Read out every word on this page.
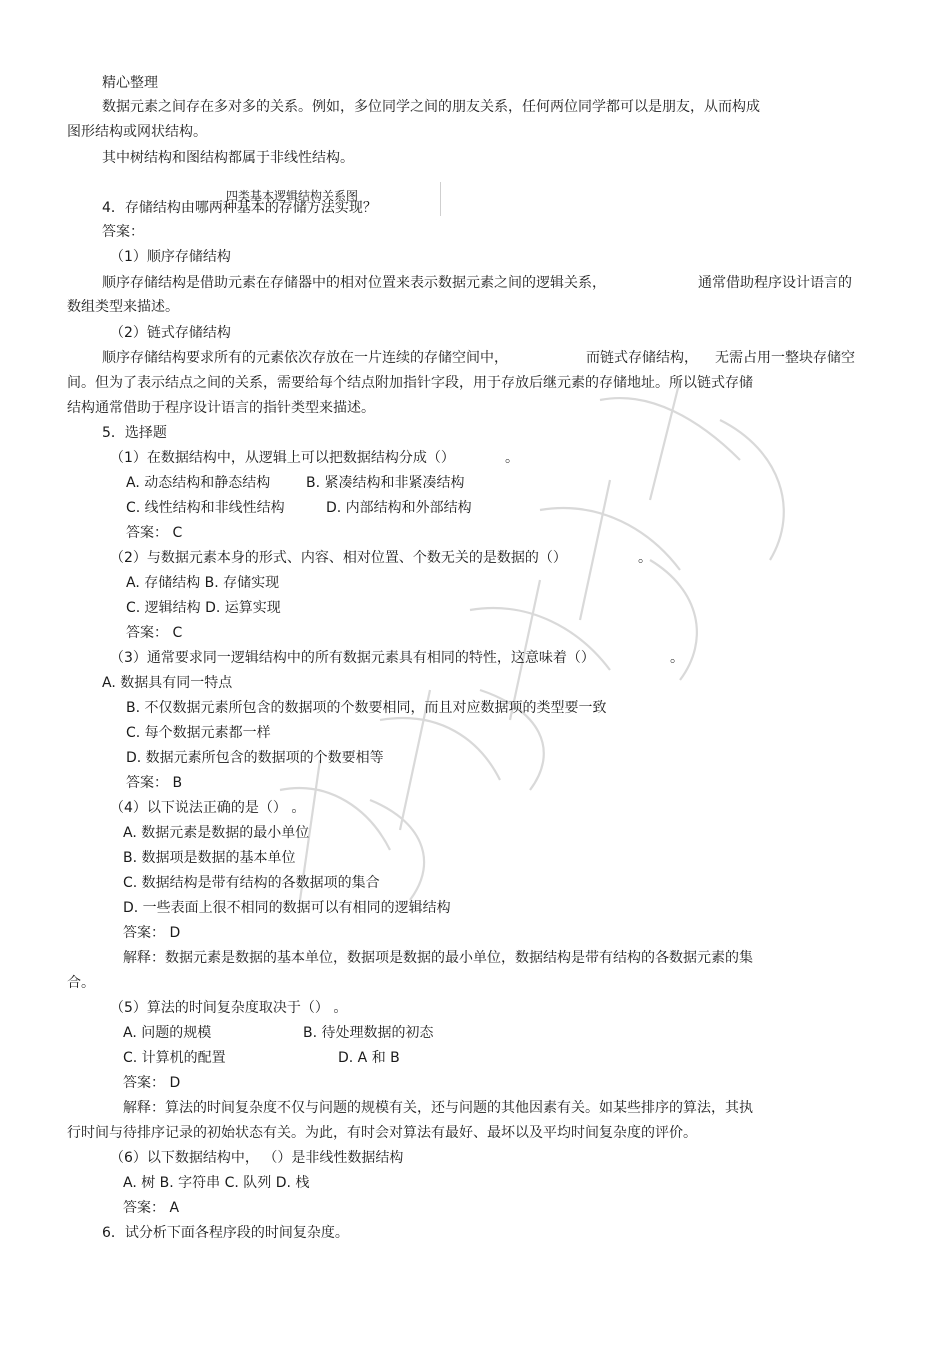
精心整理
数据元素之间存在多对多的关系。例如，多位同学之间的朋友关系，任何两位同学都可以是朋友，从而构成
图形结构或网状结构。
其中树结构和图结构都属于非线性结构。
四类基本逻辑结构关系图
4．存储结构由哪两种基本的存储方法实现？
答案：
（1）顺序存储结构
顺序存储结构是借助元素在存储器中的相对位置来表示数据元素之间的逻辑关系，	通常借助程序设计语言的
数组类型来描述。
（2）链式存储结构
顺序存储结构要求所有的元素依次存放在一片连续的存储空间中，	而链式存储结构， 无需占用一整块存储空
间。但为了表示结点之间的关系，需要给每个结点附加指针字段，用于存放后继元素的存储地址。所以链式存储
结构通常借助于程序设计语言的指针类型来描述。
5．选择题
（1）在数据结构中，从逻辑上可以把数据结构分成（）	。
A. 动态结构和静态结构	B. 紧凑结构和非紧凑结构
C. 线性结构和非线性结构	D. 内部结构和外部结构
答案： C
（2）与数据元素本身的形式、内容、相对位置、个数无关的是数据的（）	。
A. 存储结构 B. 存储实现
C. 逻辑结构 D. 运算实现
答案： C
（3）通常要求同一逻辑结构中的所有数据元素具有相同的特性，这意味着（）	。
A. 数据具有同一特点
B. 不仅数据元素所包含的数据项的个数要相同，而且对应数据项的类型要一致
C. 每个数据元素都一样
D. 数据元素所包含的数据项的个数要相等
答案： B
（4）以下说法正确的是（） 。
A. 数据元素是数据的最小单位
B. 数据项是数据的基本单位
C. 数据结构是带有结构的各数据项的集合
D. 一些表面上很不相同的数据可以有相同的逻辑结构
答案： D
解释：数据元素是数据的基本单位，数据项是数据的最小单位，数据结构是带有结构的各数据元素的集
合。
（5）算法的时间复杂度取决于（） 。
A. 问题的规模	B. 待处理数据的初态
C. 计算机的配置	D. A 和 B
答案： D
解释：算法的时间复杂度不仅与问题的规模有关，还与问题的其他因素有关。如某些排序的算法，其执
行时间与待排序记录的初始状态有关。为此，有时会对算法有最好、最坏以及平均时间复杂度的评价。
（6）以下数据结构中， （）是非线性数据结构
A. 树 B. 字符串 C. 队列 D. 栈
答案： A
6．试分析下面各程序段的时间复杂度。
